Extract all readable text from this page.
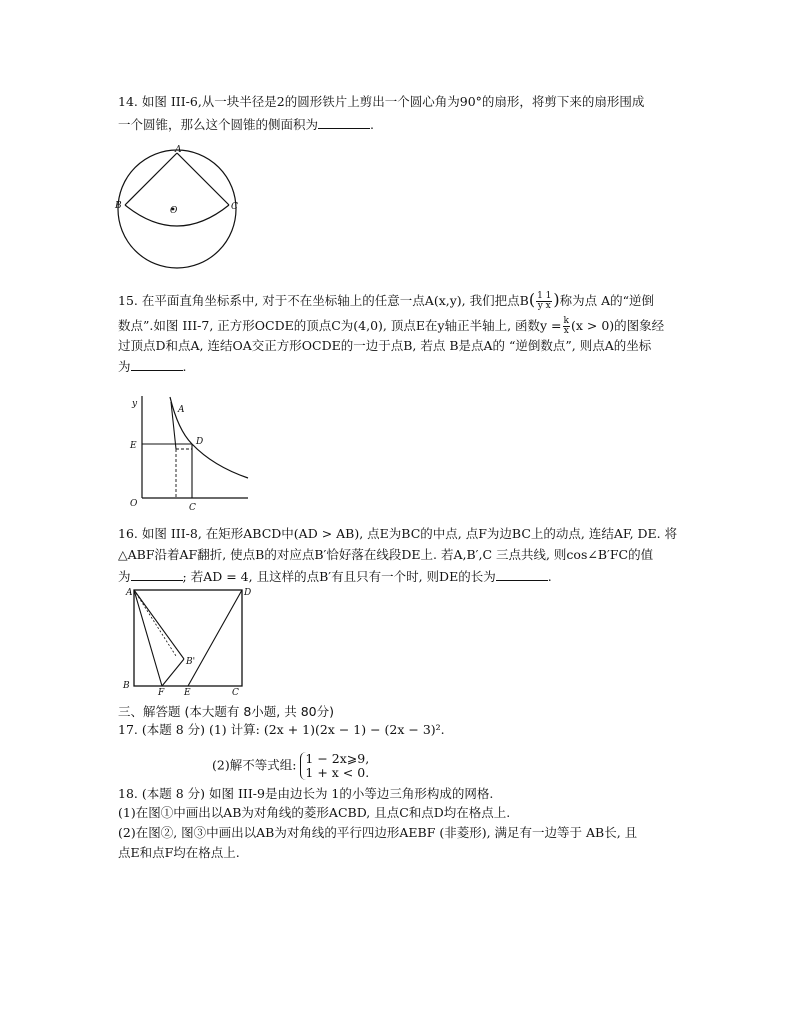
14. 如图 III-6,从一块半径是2的圆形铁片上剪出一个圆心角为90°的扇形，将剪下来的扇形围成
一个圆锥，那么这个圆锥的侧面积为	.
A
B	C
O
15. 在平面直角坐标系中, 对于不在坐标轴上的任意一点A(x,y), 我们把点$B( \frac{1 1}{\text{y x}}$ )称为点 A的“逆倒
数点”.如图 III-7, 正方形OCDE的顶点C为(4,0), 顶点E在y轴正半轴上, 函数$y = \frac{k}{x} (x > 0)$的图象经
过顶点D和点A, 连结OA交正方形OCDE的一边于点B, 若点 B是点A的 “逆倒数点”, 则点A的坐标
为	.
y
A
E	D
O	C
16. 如图 III-8, 在矩形ABCD中(AD > AB), 点E为BC的中点, 点F为边BC上的动点, 连结AF, DE. 将
△ABF沿着AF翻折, 使点B的对应点B′恰好落在线段DE上. 若A,B′,C 三点共线, 则cos∠B′FC的值
为	; 若AD = 4, 且这样的点B′有且只有一个时, 则DE的长为	.
A	D
B'
B
F E	C
三、解答题 (本大题有 8小题, 共 80分)
17. (本题 8 分) (1) 计算: (2x + 1)(2x − 1) − (2x − 3)².
(2)解不等式组: 1 − 2x⩾9,
1 + x < 0.
18. (本题 8 分) 如图 III-9是由边长为 1的小等边三角形构成的网格.
(1)在图①中画出以AB为对角线的菱形ACBD, 且点C和点D均在格点上.
(2)在图②, 图③中画出以AB为对角线的平行四边形AEBF (非菱形), 满足有一边等于 AB长, 且
点E和点F均在格点上.
